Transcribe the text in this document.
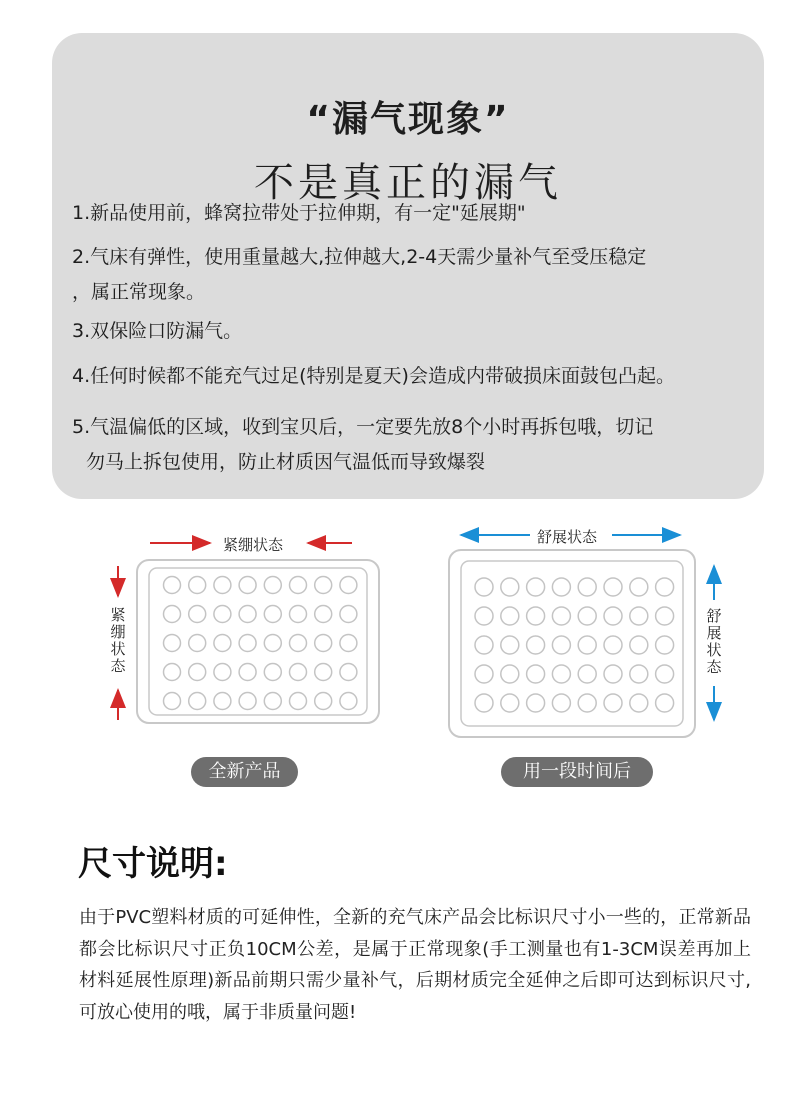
“漏气现象”
不是真正的漏气
1.新品使用前，蜂窝拉带处于拉伸期，有一定"延展期"
2.气床有弹性，使用重量越大,拉伸越大,2-4天需少量补气至受压稳定
，属正常现象。
3.双保险口防漏气。
4.任何时候都不能充气过足(特别是夏天)会造成内带破损床面鼓包凸起。
5.气温偏低的区域，收到宝贝后，一定要先放8个小时再拆包哦，切记
勿马上拆包使用，防止材质因气温低而导致爆裂
紧绷状态
紧绷状态
全新产品
舒展状态
舒展状态
用一段时间后
尺寸说明:
由于PVC塑料材质的可延伸性，全新的充气床产品会比标识尺寸小一些的，正常新品都会比标识尺寸正负10CM公差，是属于正常现象(手工测量也有1-3CM误差再加上材料延展性原理)新品前期只需少量补气，后期材质完全延伸之后即可达到标识尺寸,可放心使用的哦，属于非质量问题!
